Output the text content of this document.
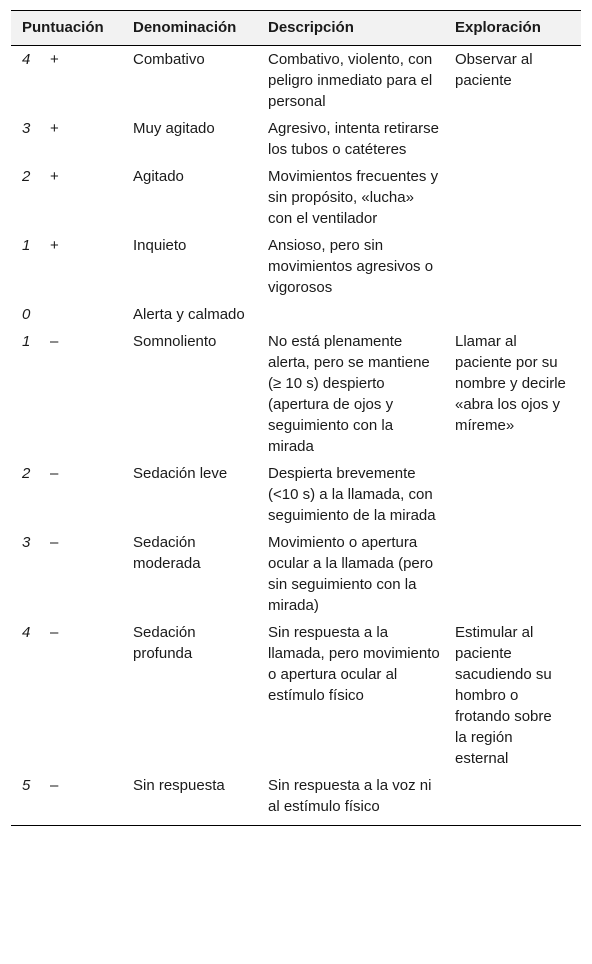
Puntuación	Denominación	Descripción	Exploración
4 +	Combativo	Combativo, violento, con peligro inmediato para el personal	Observar al paciente

3 +	Muy agitado	Agresivo, intenta retirarse los tubos o catéteres	

2 +	Agitado	Movimientos frecuentes y sin propósito, «lucha» con el ventilador	

1 +	Inquieto	Ansioso, pero sin movimientos agresivos o vigorosos	

0	Alerta y calmado		

1 –	Somnoliento	No está plenamente alerta, pero se mantiene (≥ 10 s) despierto (apertura de ojos y seguimiento con la mirada	Llamar al paciente por su nombre y decirle «abra los ojos y míreme»

2 –	Sedación leve	Despierta brevemente (<10 s) a la llamada, con seguimiento de la mirada	

3 –	Sedación moderada	Movimiento o apertura ocular a la llamada (pero sin seguimiento con la mirada)	

4 –	Sedación profunda	Sin respuesta a la llamada, pero movimiento o apertura ocular al estímulo físico	Estimular al paciente sacudiendo su hombro o frotando sobre la región esternal

5 –	Sin respuesta	Sin respuesta a la voz ni al estímulo físico	
